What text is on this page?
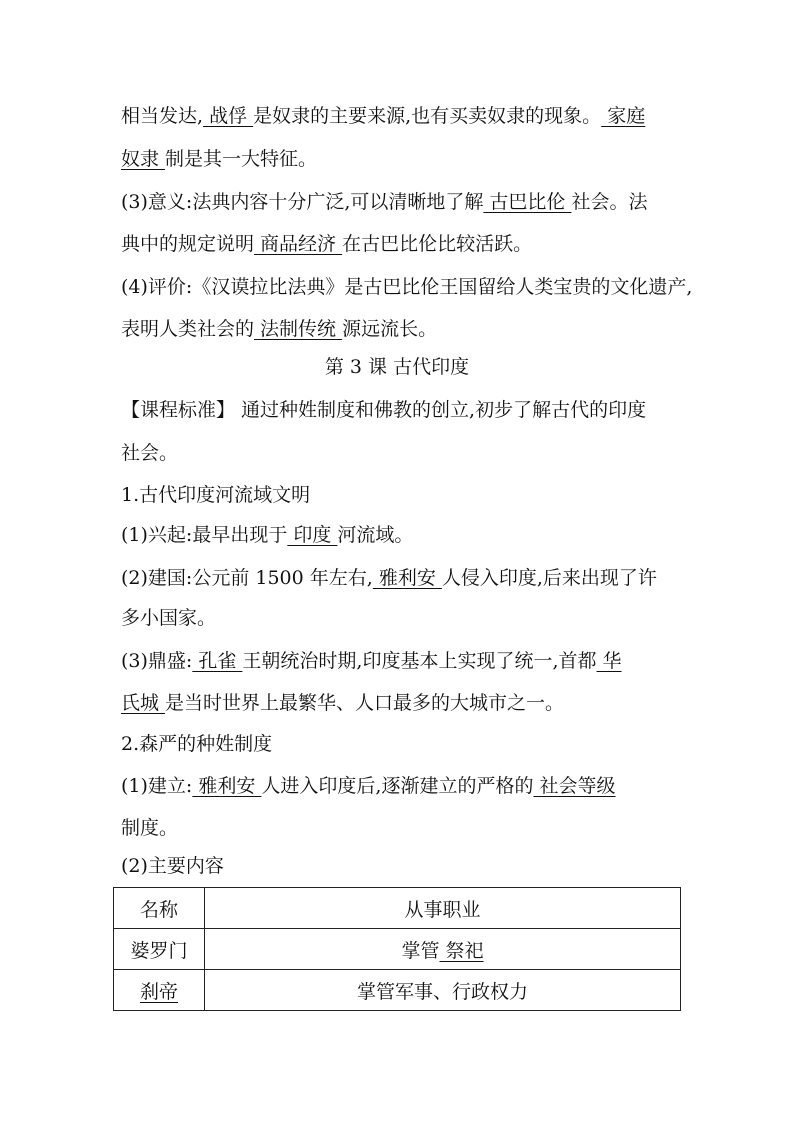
相当发达, 战俘 是奴隶的主要来源,也有买卖奴隶的现象。 家庭
奴隶 制是其一大特征。
(3)意义:法典内容十分广泛,可以清晰地了解 古巴比伦 社会。法
典中的规定说明 商品经济 在古巴比伦比较活跃。
(4)评价:《汉谟拉比法典》是古巴比伦王国留给人类宝贵的文化遗产,
表明人类社会的 法制传统 源远流长。
第 3 课 古代印度
【课程标准】 通过种姓制度和佛教的创立,初步了解古代的印度
社会。
1.古代印度河流域文明
(1)兴起:最早出现于 印度 河流域。
(2)建国:公元前 1500 年左右, 雅利安 人侵入印度,后来出现了许
多小国家。
(3)鼎盛: 孔雀 王朝统治时期,印度基本上实现了统一,首都 华
氏城 是当时世界上最繁华、人口最多的大城市之一。
2.森严的种姓制度
(1)建立: 雅利安 人进入印度后,逐渐建立的严格的 社会等级
制度。
(2)主要内容
名称	从事职业
婆罗门	掌管 祭祀
刹帝	掌管军事、行政权力
